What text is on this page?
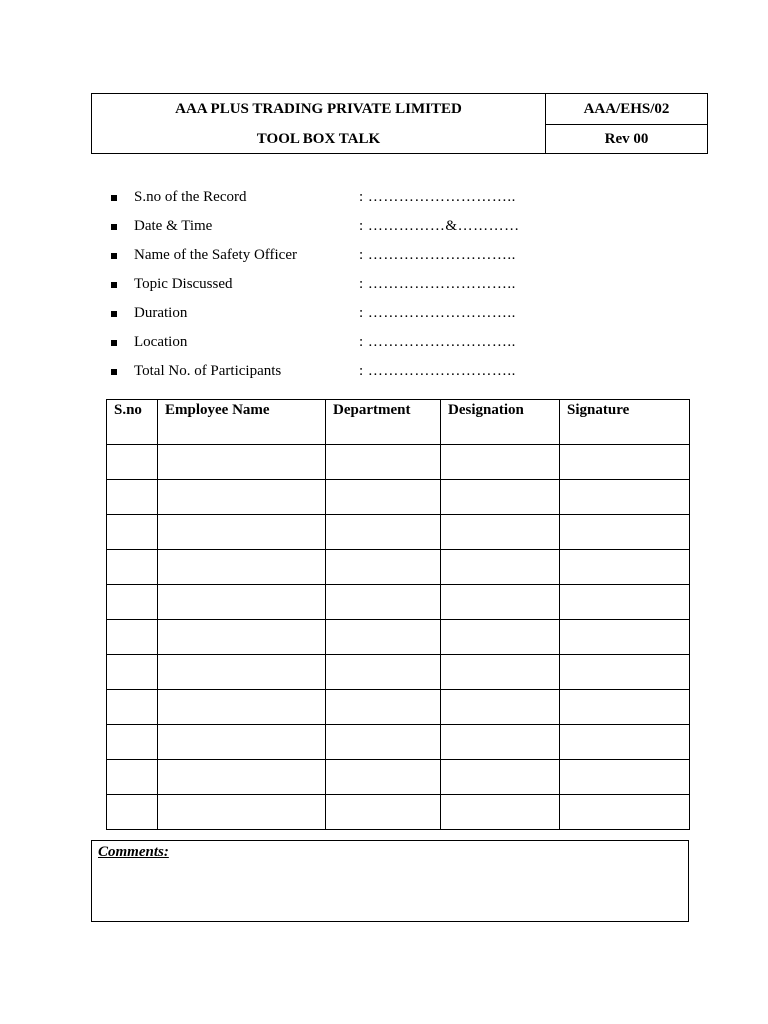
AAA PLUS TRADING PRIVATE LIMITED	AAA/EHS/02
TOOL BOX TALK	Rev 00
S.no of the Record	: ………………………..
Date & Time	: ……………&…………
Name of the Safety Officer	: ………………………..
Topic Discussed	: ………………………..
Duration	: ………………………..
Location	: ………………………..
Total No. of Participants	: ………………………..
S.no	Employee Name	Department	Designation	Signature

Comments:
